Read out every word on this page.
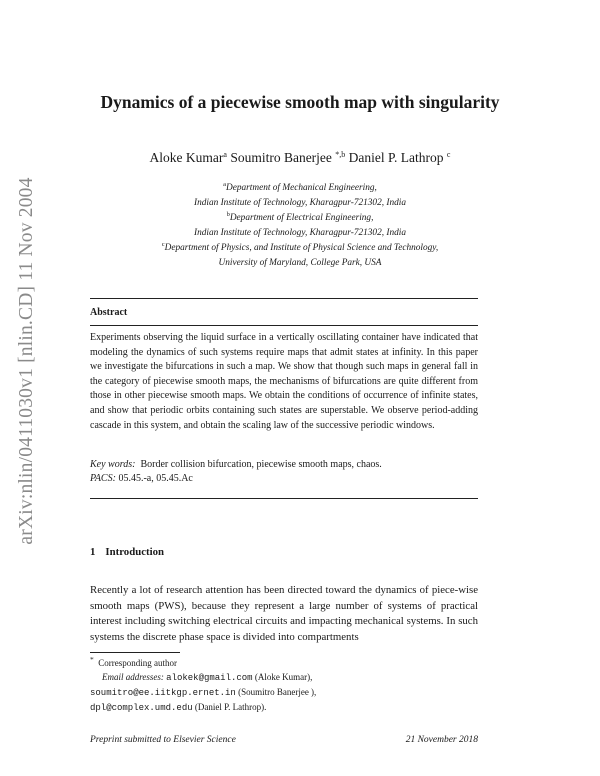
arXiv:nlin/0411030v1 [nlin.CD] 11 Nov 2004
Dynamics of a piecewise smooth map with singularity
Aloke Kumar$^a$ Soumitro Banerjee $^{*,b}$ Daniel P. Lathrop $^c$
$^a$Department of Mechanical Engineering,
Indian Institute of Technology, Kharagpur-721302, India
$^b$Department of Electrical Engineering,
Indian Institute of Technology, Kharagpur-721302, India
$^c$Department of Physics, and Institute of Physical Science and Technology,
University of Maryland, College Park, USA
Abstract
Experiments observing the liquid surface in a vertically oscillating container have indicated that modeling the dynamics of such systems require maps that admit states at infinity. In this paper we investigate the bifurcations in such a map. We show that though such maps in general fall in the category of piecewise smooth maps, the mechanisms of bifurcations are quite different from those in other piecewise smooth maps. We obtain the conditions of occurrence of infinite states, and show that periodic orbits containing such states are superstable. We observe period-adding cascade in this system, and obtain the scaling law of the successive periodic windows.
Key words: Border collision bifurcation, piecewise smooth maps, chaos.
PACS: 05.45.-a, 05.45.Ac
1 Introduction
Recently a lot of research attention has been directed toward the dynamics of piece-wise smooth maps (PWS), because they represent a large number of systems of practical interest including switching electrical circuits and impacting mechanical systems. In such systems the discrete phase space is divided into compartments
* Corresponding author
Email addresses: alokek@gmail.com (Aloke Kumar),
soumitro@ee.iitkgp.ernet.in (Soumitro Banerjee ),
dpl@complex.umd.edu (Daniel P. Lathrop).
Preprint submitted to Elsevier Science	21 November 2018
